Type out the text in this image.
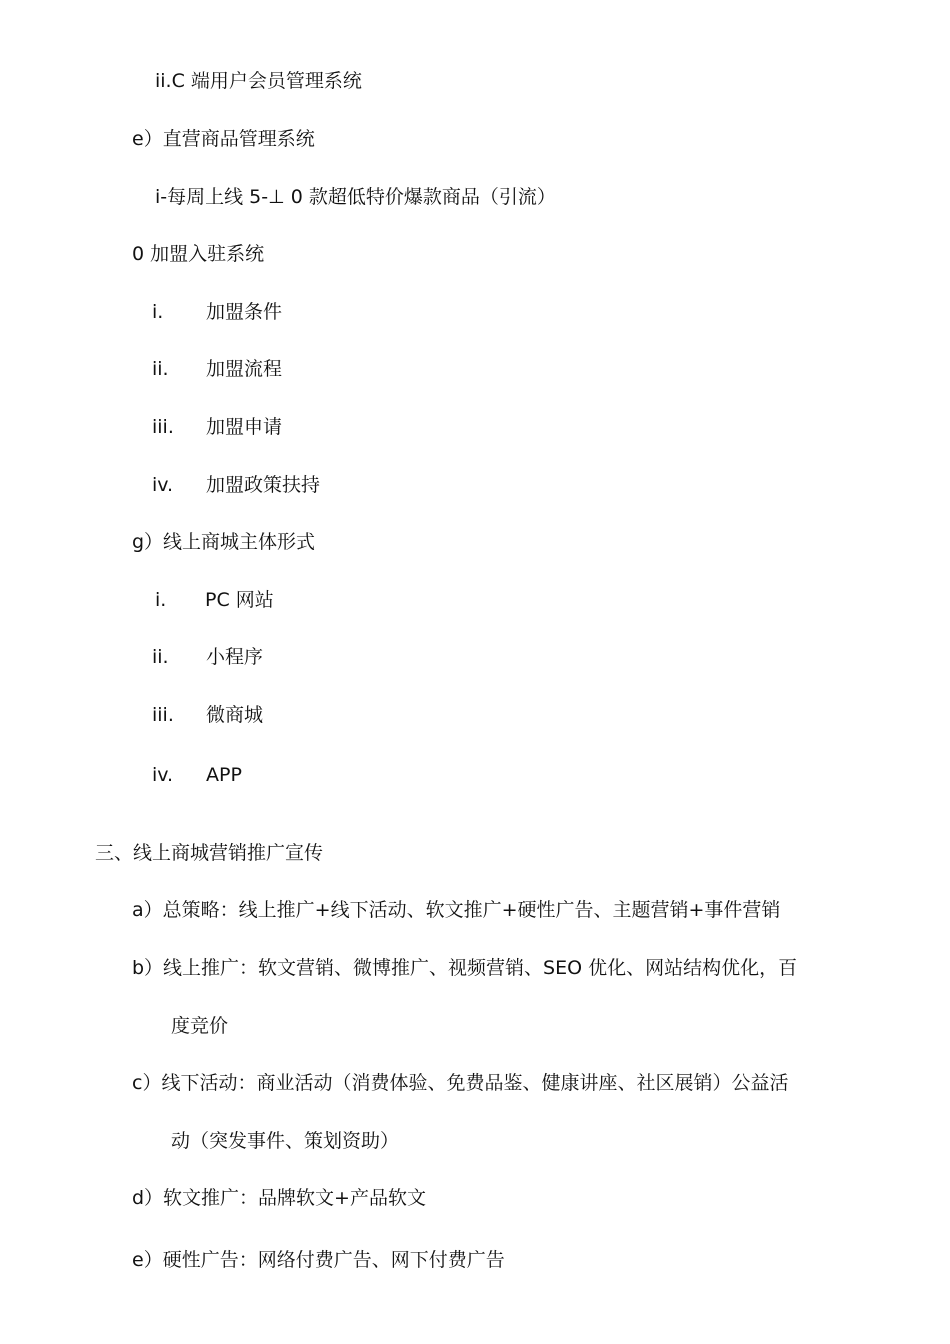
ii.C 端用户会员管理系统
e）直营商品管理系统
i-每周上线 5-⊥ 0 款超低特价爆款商品（引流）
0 加盟入驻系统
i. 加盟条件
ii. 加盟流程
iii. 加盟申请
iv. 加盟政策扶持
g）线上商城主体形式
i. PC 网站
ii. 小程序
iii. 微商城
iv. APP
三、线上商城营销推广宣传
a）总策略：线上推广+线下活动、软文推广+硬性广告、主题营销+事件营销
b）线上推广：软文营销、微博推广、视频营销、SEO 优化、网站结构优化，百
度竞价
c）线下活动：商业活动（消费体验、免费品鉴、健康讲座、社区展销）公益活
动（突发事件、策划资助）
d）软文推广：品牌软文+产品软文
e）硬性广告：网络付费广告、网下付费广告
